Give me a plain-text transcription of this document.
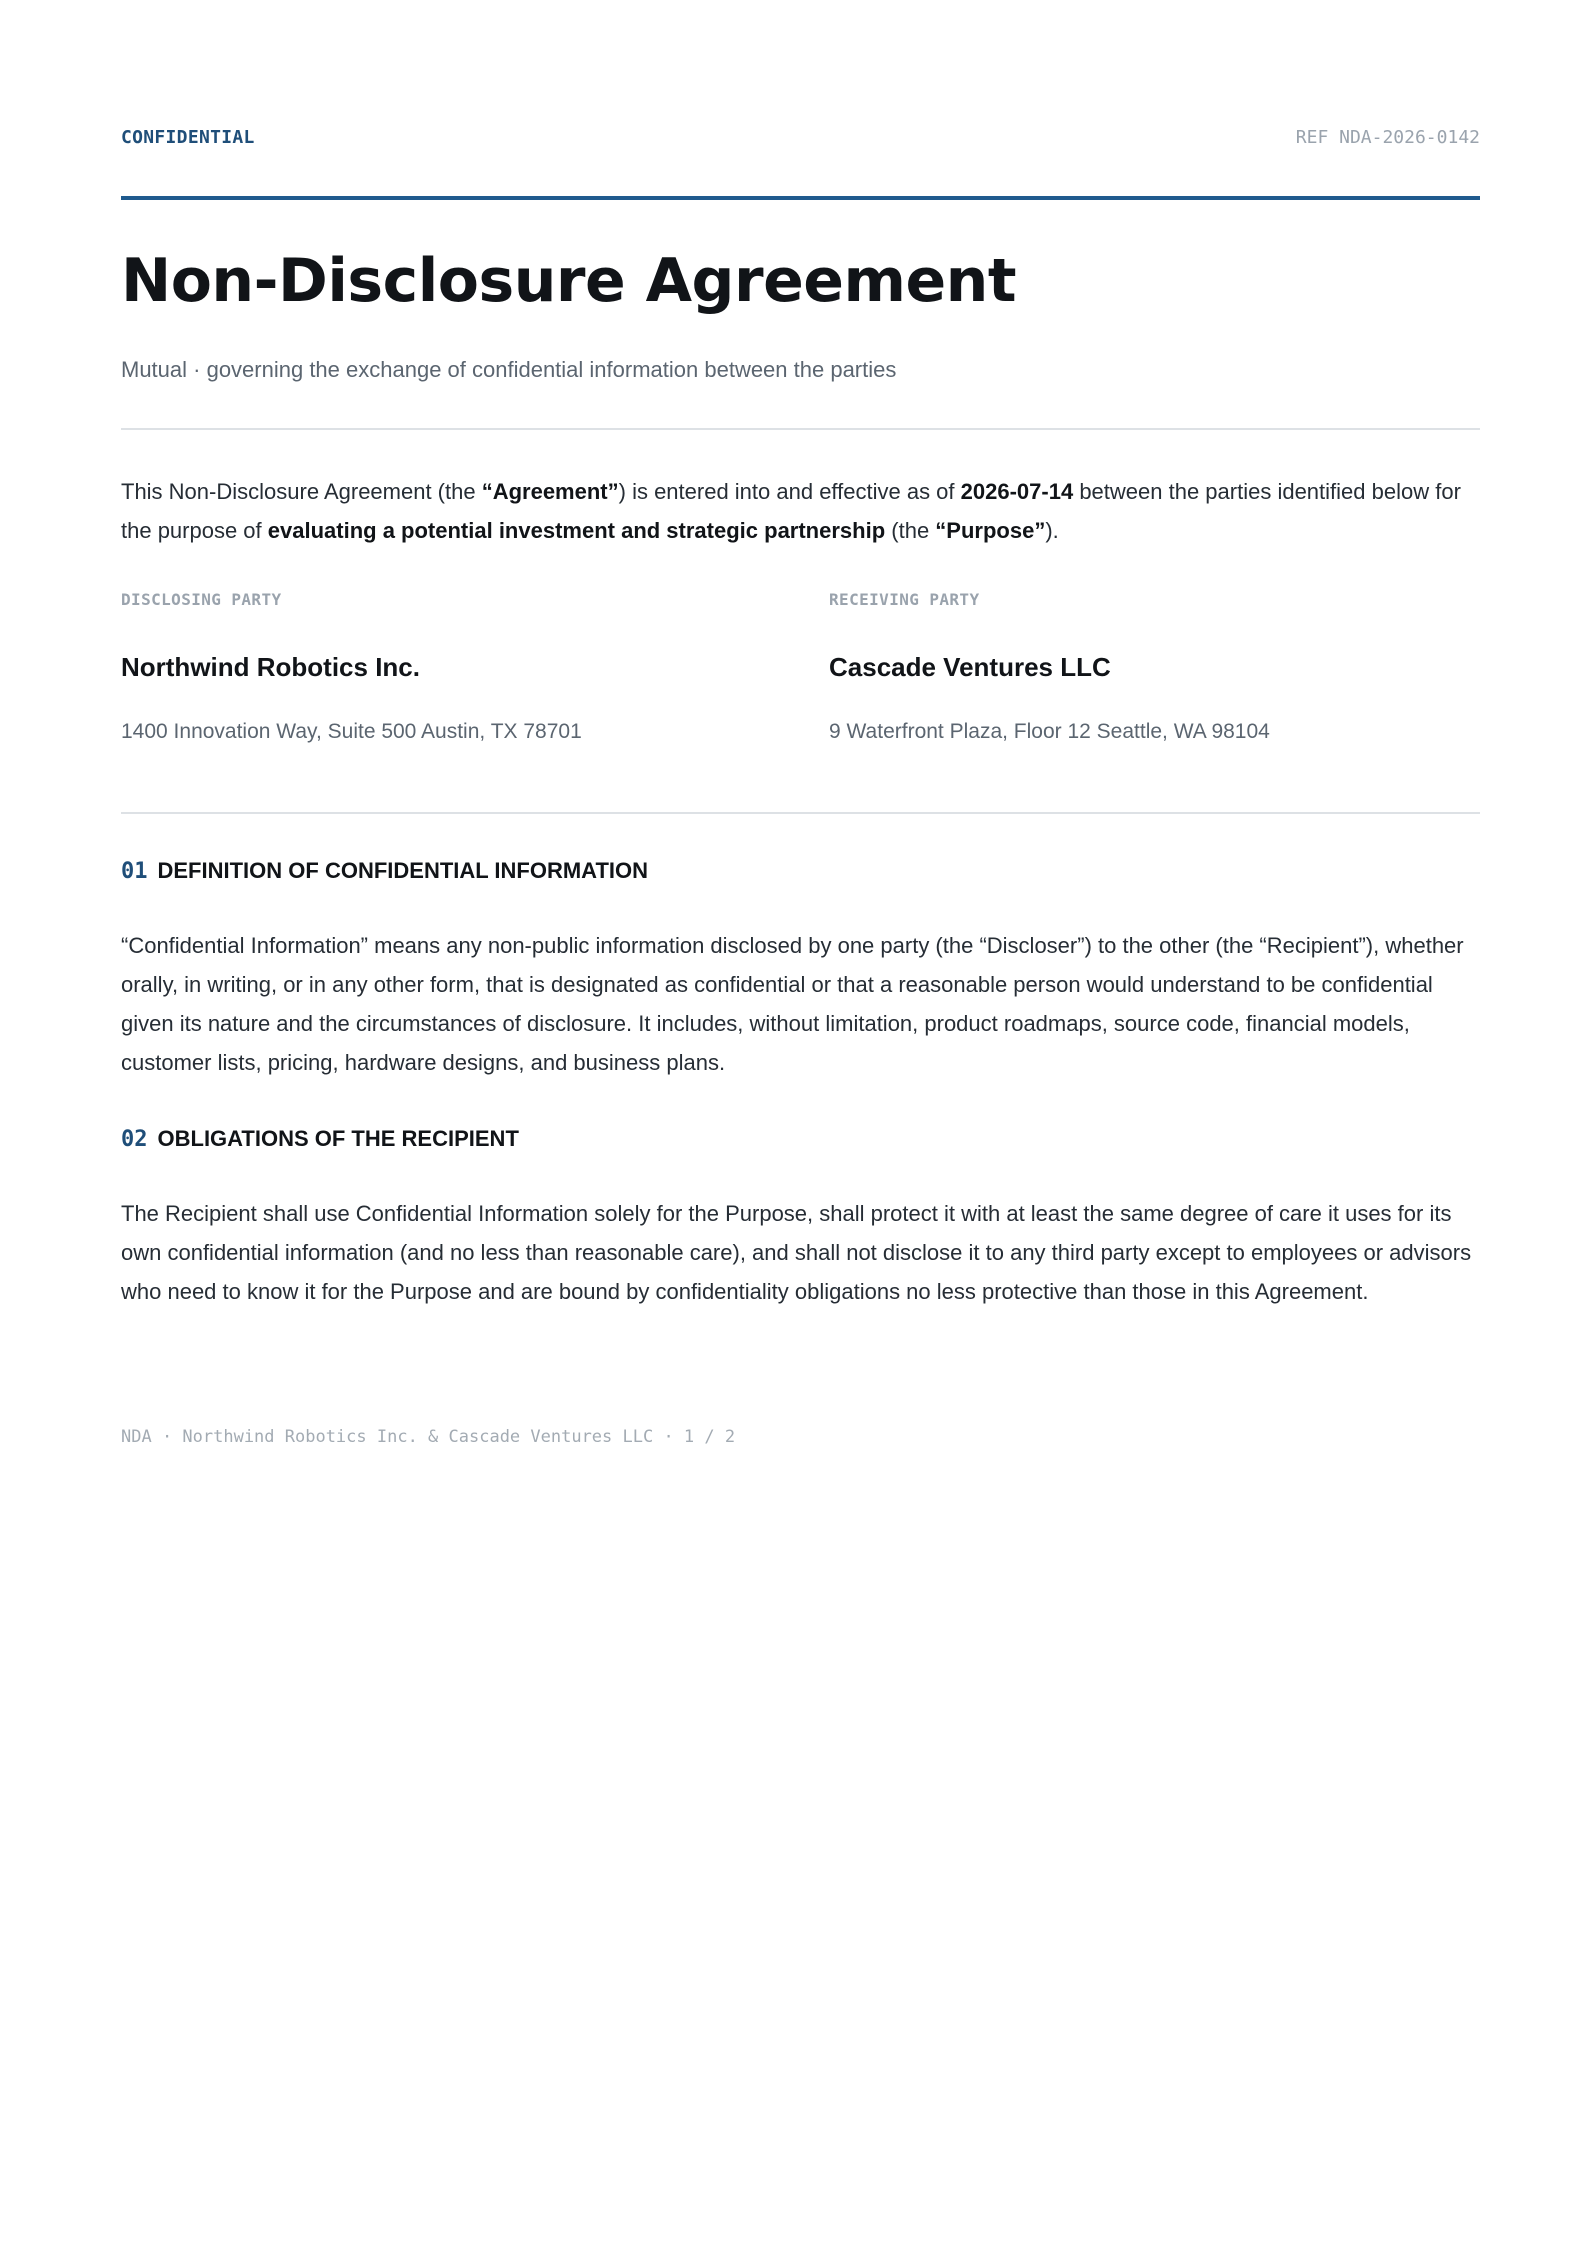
CONFIDENTIAL	REF NDA-2026-0142
Non-Disclosure Agreement
Mutual · governing the exchange of confidential information between the parties

This Non-Disclosure Agreement (the “Agreement”) is entered into and effective as of 2026-07-14 between the parties identified below for the purpose of evaluating a potential investment and strategic partnership (the “Purpose”).

DISCLOSING PARTY
Northwind Robotics Inc.
1400 Innovation Way, Suite 500 Austin, TX 78701
RECEIVING PARTY
Cascade Ventures LLC
9 Waterfront Plaza, Floor 12 Seattle, WA 98104
01 DEFINITION OF CONFIDENTIAL INFORMATION

“Confidential Information” means any non-public information disclosed by one party (the “Discloser”) to the other (the “Recipient”), whether orally, in writing, or in any other form, that is designated as confidential or that a reasonable person would understand to be confidential given its nature and the circumstances of disclosure. It includes, without limitation, product roadmaps, source code, financial models, customer lists, pricing, hardware designs, and business plans.

02 OBLIGATIONS OF THE RECIPIENT

The Recipient shall use Confidential Information solely for the Purpose, shall protect it with at least the same degree of care it uses for its own confidential information (and no less than reasonable care), and shall not disclose it to any third party except to employees or advisors who need to know it for the Purpose and are bound by confidentiality obligations no less protective than those in this Agreement.

NDA · Northwind Robotics Inc. & Cascade Ventures LLC · 1 / 2
